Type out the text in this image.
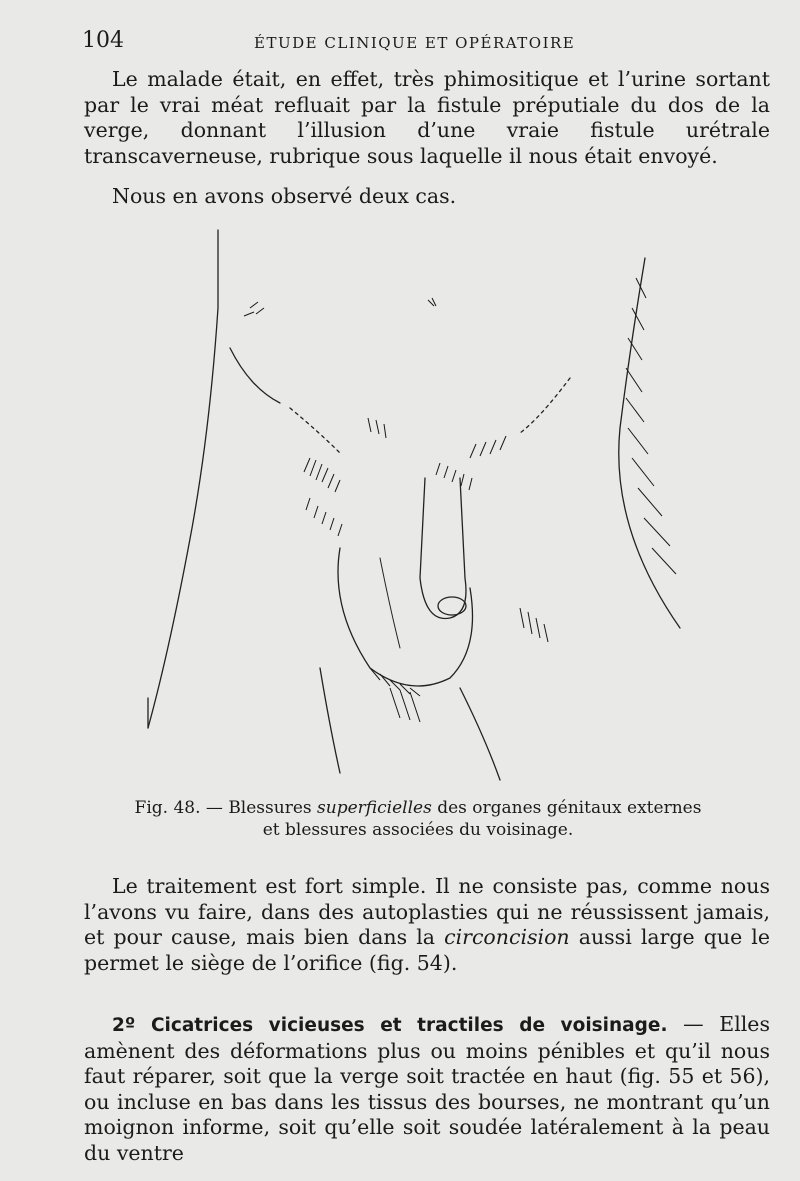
104	ÉTUDE CLINIQUE ET OPÉRATOIRE
Le malade était, en effet, très phimositique et l’urine sortant par le vrai méat refluait par la fistule préputiale du dos de la verge, donnant l’illusion d’une vraie fistule urétrale transcaverneuse, rubrique sous laquelle il nous était envoyé.
Nous en avons observé deux cas.
Fig. 48. — Blessures superficielles des organes génitaux externes
et blessures associées du voisinage.
Le traitement est fort simple. Il ne consiste pas, comme nous l’avons vu faire, dans des autoplasties qui ne réussissent jamais, et pour cause, mais bien dans la circoncision aussi large que le permet le siège de l’orifice (fig. 54).
2º Cicatrices vicieuses et tractiles de voisinage. — Elles amènent des déformations plus ou moins pénibles et qu’il nous faut réparer, soit que la verge soit tractée en haut (fig. 55 et 56), ou incluse en bas dans les tissus des bourses, ne montrant qu’un moignon informe, soit qu’elle soit soudée latéralement à la peau du ventre
